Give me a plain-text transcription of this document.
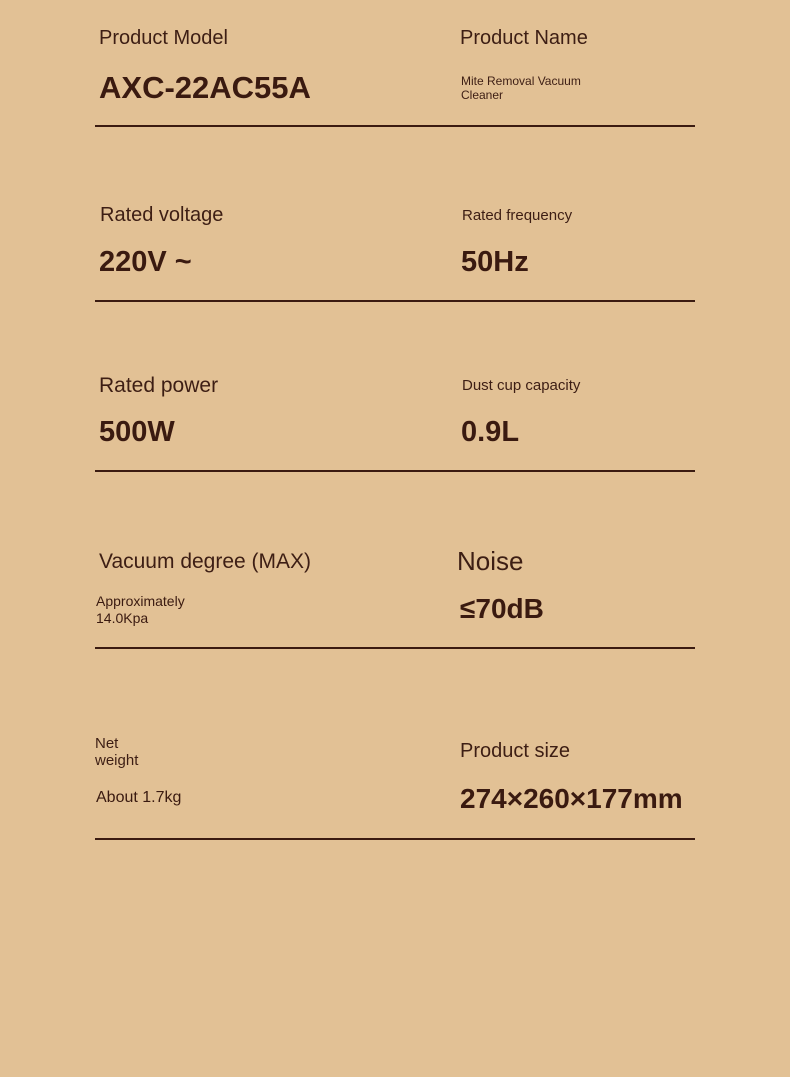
Product Model
AXC-22AC55A
Product Name
Mite Removal Vacuum Cleaner
Rated voltage
220V ~
Rated frequency
50Hz
Rated power
500W
Dust cup capacity
0.9L
Vacuum degree (MAX)
Approximately 14.0Kpa
Noise
≤70dB
Net weight
About 1.7kg
Product size
274×260×177mm
